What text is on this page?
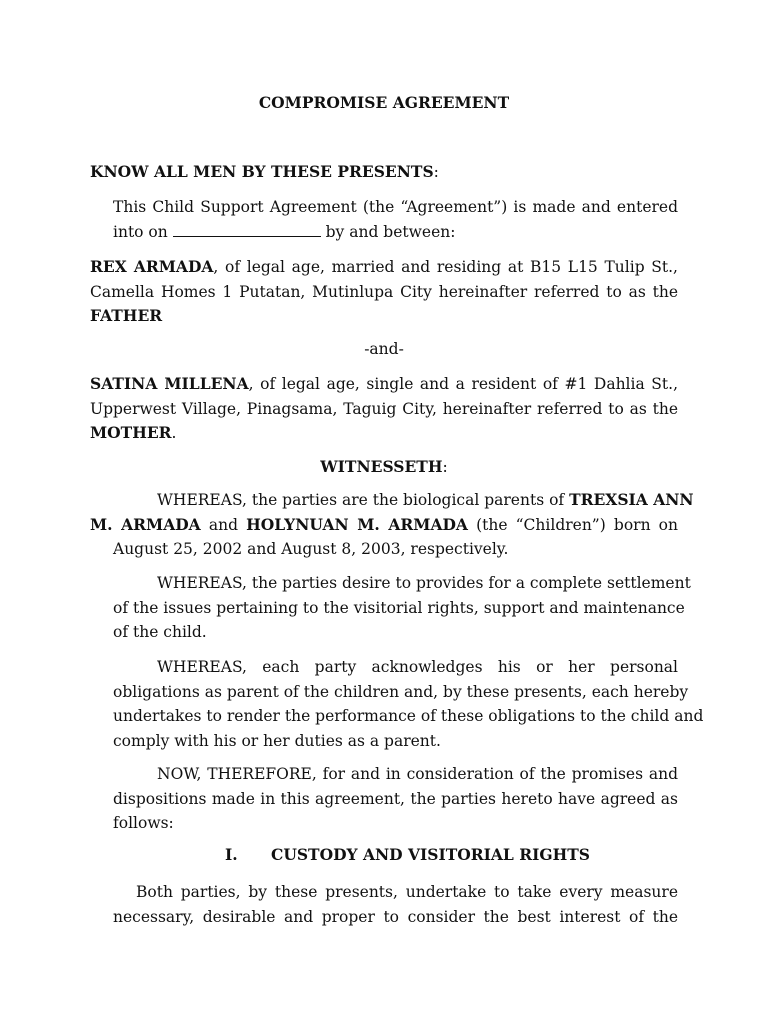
COMPROMISE AGREEMENT
KNOW ALL MEN BY THESE PRESENTS:
This Child Support Agreement (the “Agreement”) is made and entered
into on	by and between:
REX ARMADA, of legal age, married and residing at B15 L15 Tulip St.,
Camella Homes 1 Putatan, Mutinlupa City hereinafter referred to as the
FATHER
-and-
SATINA MILLENA, of legal age, single and a resident of #1 Dahlia St.,
Upperwest Village, Pinagsama, Taguig City, hereinafter referred to as the
MOTHER.
WITNESSETH:
WHEREAS, the parties are the biological parents of TREXSIA ANN
M. ARMADA and HOLYNUAN M. ARMADA (the “Children”) born on
August 25, 2002 and August 8, 2003, respectively.
WHEREAS, the parties desire to provides for a complete settlement
of the issues pertaining to the visitorial rights, support and maintenance
of the child.
WHEREAS, each party acknowledges his or her personal
obligations as parent of the children and, by these presents, each hereby
undertakes to render the performance of these obligations to the child and
comply with his or her duties as a parent.
NOW, THEREFORE, for and in consideration of the promises and
dispositions made in this agreement, the parties hereto have agreed as
follows:
I. CUSTODY AND VISITORIAL RIGHTS
Both parties, by these presents, undertake to take every measure
necessary, desirable and proper to consider the best interest of the
